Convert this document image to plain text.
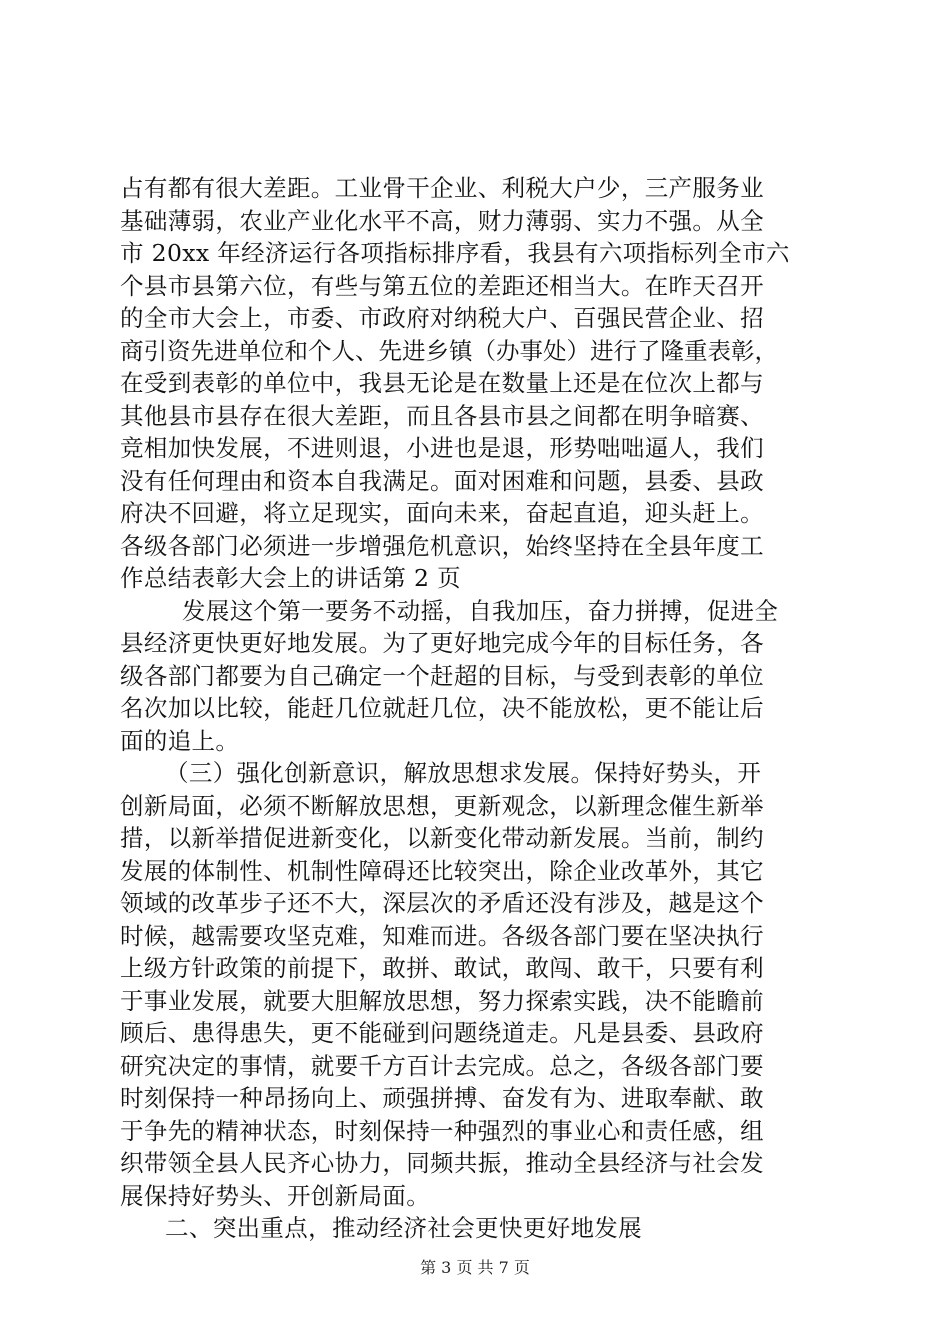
占有都有很大差距。工业骨干企业、利税大户少，三产服务业
基础薄弱，农业产业化水平不高，财力薄弱、实力不强。从全
市 20xx 年经济运行各项指标排序看，我县有六项指标列全市六
个县市县第六位，有些与第五位的差距还相当大。在昨天召开
的全市大会上，市委、市政府对纳税大户、百强民营企业、招
商引资先进单位和个人、先进乡镇（办事处）进行了隆重表彰，
在受到表彰的单位中，我县无论是在数量上还是在位次上都与
其他县市县存在很大差距，而且各县市县之间都在明争暗赛、
竞相加快发展，不进则退，小进也是退，形势咄咄逼人，我们
没有任何理由和资本自我满足。面对困难和问题，县委、县政
府决不回避，将立足现实，面向未来，奋起直追，迎头赶上。
各级各部门必须进一步增强危机意识，始终坚持在全县年度工
作总结表彰大会上的讲话第 2 页
发展这个第一要务不动摇，自我加压，奋力拼搏，促进全
县经济更快更好地发展。为了更好地完成今年的目标任务，各
级各部门都要为自己确定一个赶超的目标，与受到表彰的单位
名次加以比较，能赶几位就赶几位，决不能放松，更不能让后
面的追上。
（三）强化创新意识，解放思想求发展。保持好势头，开
创新局面，必须不断解放思想，更新观念，以新理念催生新举
措，以新举措促进新变化，以新变化带动新发展。当前，制约
发展的体制性、机制性障碍还比较突出，除企业改革外，其它
领域的改革步子还不大，深层次的矛盾还没有涉及，越是这个
时候，越需要攻坚克难，知难而进。各级各部门要在坚决执行
上级方针政策的前提下，敢拼、敢试，敢闯、敢干，只要有利
于事业发展，就要大胆解放思想，努力探索实践，决不能瞻前
顾后、患得患失，更不能碰到问题绕道走。凡是县委、县政府
研究决定的事情，就要千方百计去完成。总之，各级各部门要
时刻保持一种昂扬向上、顽强拼搏、奋发有为、进取奉献、敢
于争先的精神状态，时刻保持一种强烈的事业心和责任感，组
织带领全县人民齐心协力，同频共振，推动全县经济与社会发
展保持好势头、开创新局面。
二、突出重点，推动经济社会更快更好地发展
第 3 页 共 7 页
